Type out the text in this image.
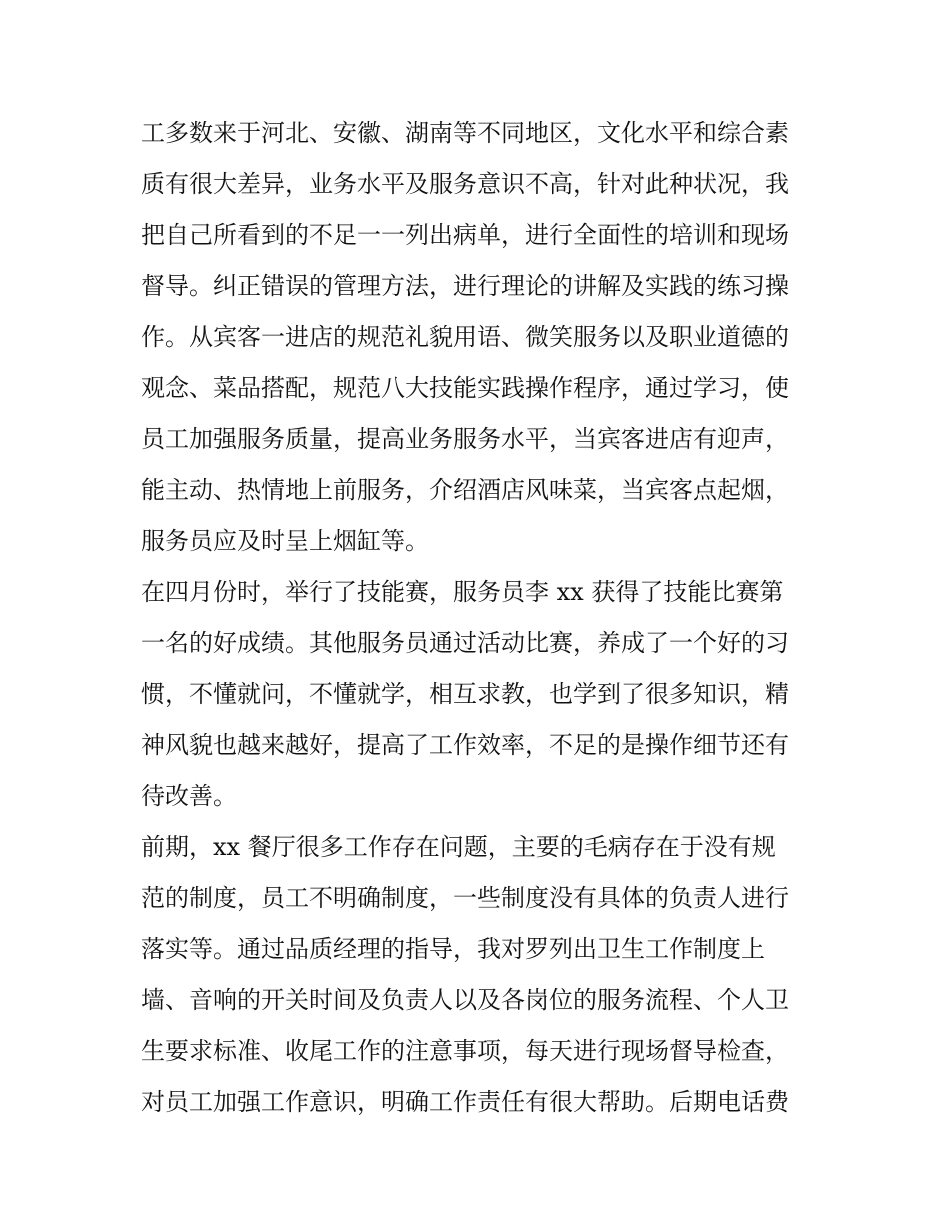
工多数来于河北、安徽、湖南等不同地区，文化水平和综合素
质有很大差异，业务水平及服务意识不高，针对此种状况，我
把自己所看到的不足一一列出病单，进行全面性的培训和现场
督导。纠正错误的管理方法，进行理论的讲解及实践的练习操
作。从宾客一进店的规范礼貌用语、微笑服务以及职业道德的
观念、菜品搭配，规范八大技能实践操作程序，通过学习，使
员工加强服务质量，提高业务服务水平，当宾客进店有迎声，
能主动、热情地上前服务，介绍酒店风味菜，当宾客点起烟，
服务员应及时呈上烟缸等。

在四月份时，举行了技能赛，服务员李 xx 获得了技能比赛第
一名的好成绩。其他服务员通过活动比赛，养成了一个好的习
惯，不懂就问，不懂就学，相互求教，也学到了很多知识，精
神风貌也越来越好，提高了工作效率，不足的是操作细节还有
待改善。

前期，xx 餐厅很多工作存在问题，主要的毛病存在于没有规
范的制度，员工不明确制度，一些制度没有具体的负责人进行
落实等。通过品质经理的指导，我对罗列出卫生工作制度上
墙、音响的开关时间及负责人以及各岗位的服务流程、个人卫
生要求标准、收尾工作的注意事项，每天进行现场督导检查，
对员工加强工作意识，明确工作责任有很大帮助。后期电话费
